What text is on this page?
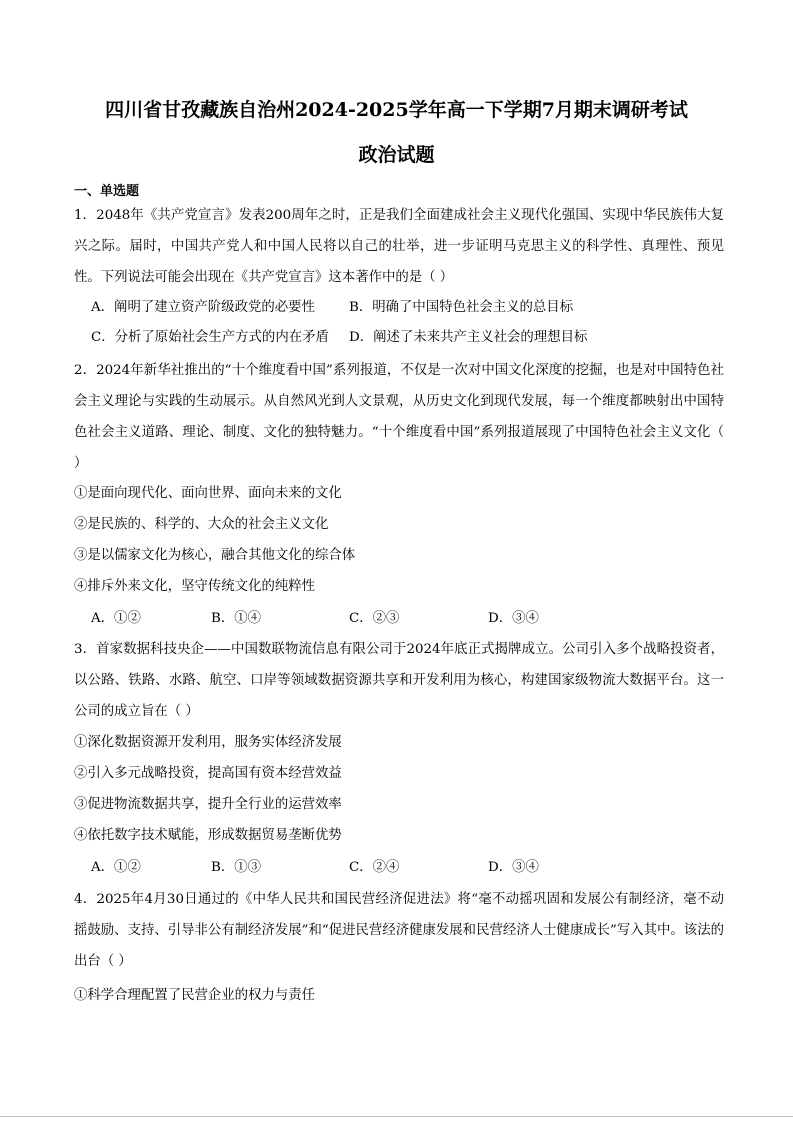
四川省甘孜藏族自治州2024-2025学年高一下学期7月期末调研考试
政治试题
一、单选题
1．2048年《共产党宣言》发表200周年之时，正是我们全面建成社会主义现代化强国、实现中华民族伟大复兴之际。届时，中国共产党人和中国人民将以自己的壮举，进一步证明马克思主义的科学性、真理性、预见性。下列说法可能会出现在《共产党宣言》这本著作中的是（ ）
A．阐明了建立资产阶级政党的必要性	B．明确了中国特色社会主义的总目标
C．分析了原始社会生产方式的内在矛盾 D．阐述了未来共产主义社会的理想目标
2．2024年新华社推出的“十个维度看中国”系列报道，不仅是一次对中国文化深度的挖掘，也是对中国特色社会主义理论与实践的生动展示。从自然风光到人文景观，从历史文化到现代发展，每一个维度都映射出中国特色社会主义道路、理论、制度、文化的独特魅力。“十个维度看中国”系列报道展现了中国特色社会主义文化（ ）
①是面向现代化、面向世界、面向未来的文化
②是民族的、科学的、大众的社会主义文化
③是以儒家文化为核心，融合其他文化的综合体
④排斥外来文化，坚守传统文化的纯粹性
A．①②	B．①④	C．②③	D．③④
3．首家数据科技央企——中国数联物流信息有限公司于2024年底正式揭牌成立。公司引入多个战略投资者，以公路、铁路、水路、航空、口岸等领域数据资源共享和开发利用为核心，构建国家级物流大数据平台。这一公司的成立旨在（ ）
①深化数据资源开发利用，服务实体经济发展
②引入多元战略投资，提高国有资本经营效益
③促进物流数据共享，提升全行业的运营效率
④依托数字技术赋能，形成数据贸易垄断优势
A．①②	B．①③	C．②④	D．③④
4．2025年4月30日通过的《中华人民共和国民营经济促进法》将“毫不动摇巩固和发展公有制经济，毫不动摇鼓励、支持、引导非公有制经济发展”和“促进民营经济健康发展和民营经济人士健康成长”写入其中。该法的出台（ ）
①科学合理配置了民营企业的权力与责任
